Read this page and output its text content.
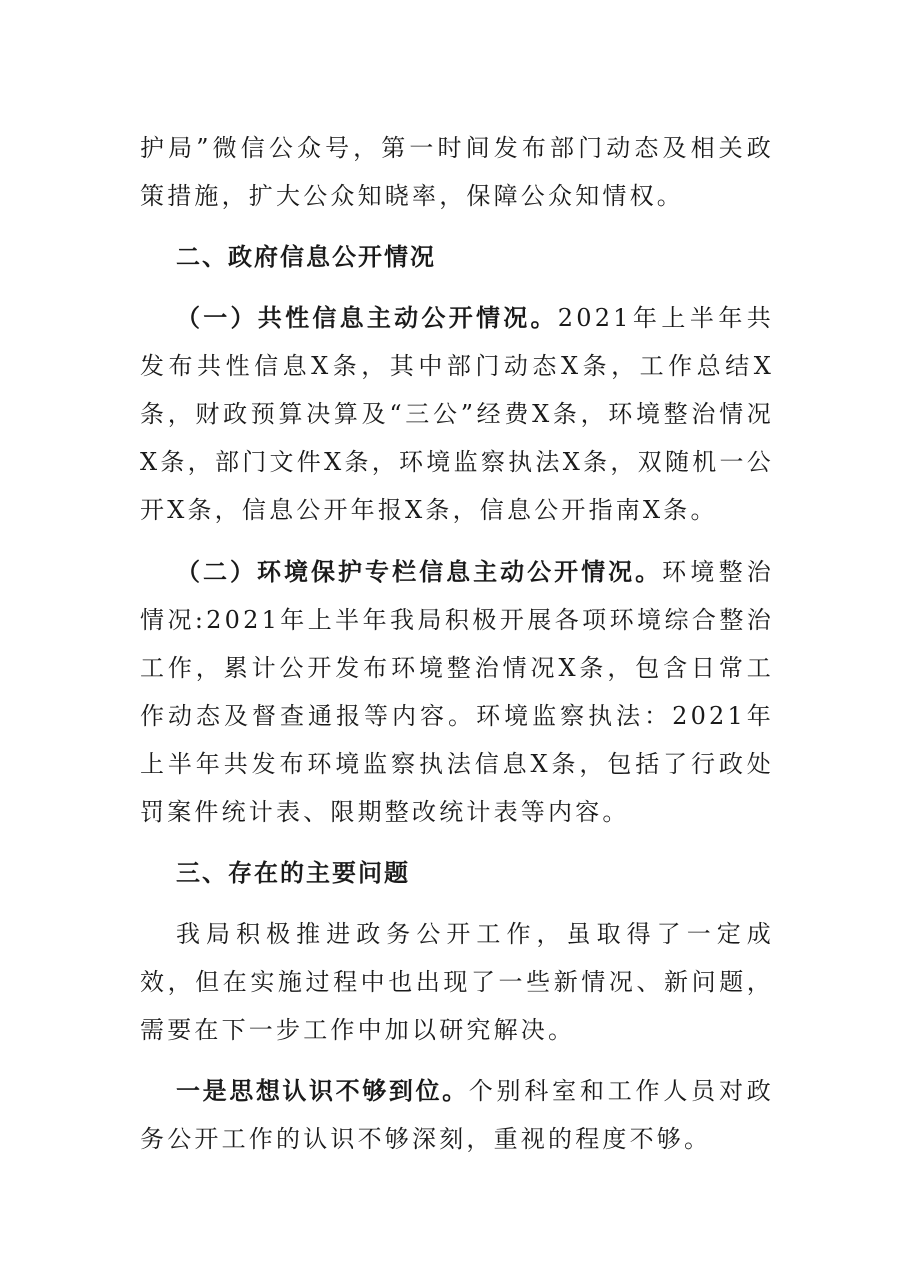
护局”微信公众号，第一时间发布部门动态及相关政策措施，扩大公众知晓率，保障公众知情权。

二、政府信息公开情况

（一）共性信息主动公开情况。2021年上半年共发布共性信息X条，其中部门动态X条，工作总结X条，财政预算决算及“三公”经费X条，环境整治情况X条，部门文件X条，环境监察执法X条，双随机一公开X条，信息公开年报X条，信息公开指南X条。

（二）环境保护专栏信息主动公开情况。环境整治情况:2021年上半年我局积极开展各项环境综合整治工作，累计公开发布环境整治情况X条，包含日常工作动态及督查通报等内容。环境监察执法：2021年上半年共发布环境监察执法信息X条，包括了行政处罚案件统计表、限期整改统计表等内容。

三、存在的主要问题

我局积极推进政务公开工作，虽取得了一定成效，但在实施过程中也出现了一些新情况、新问题，需要在下一步工作中加以研究解决。

一是思想认识不够到位。个别科室和工作人员对政务公开工作的认识不够深刻，重视的程度不够。
